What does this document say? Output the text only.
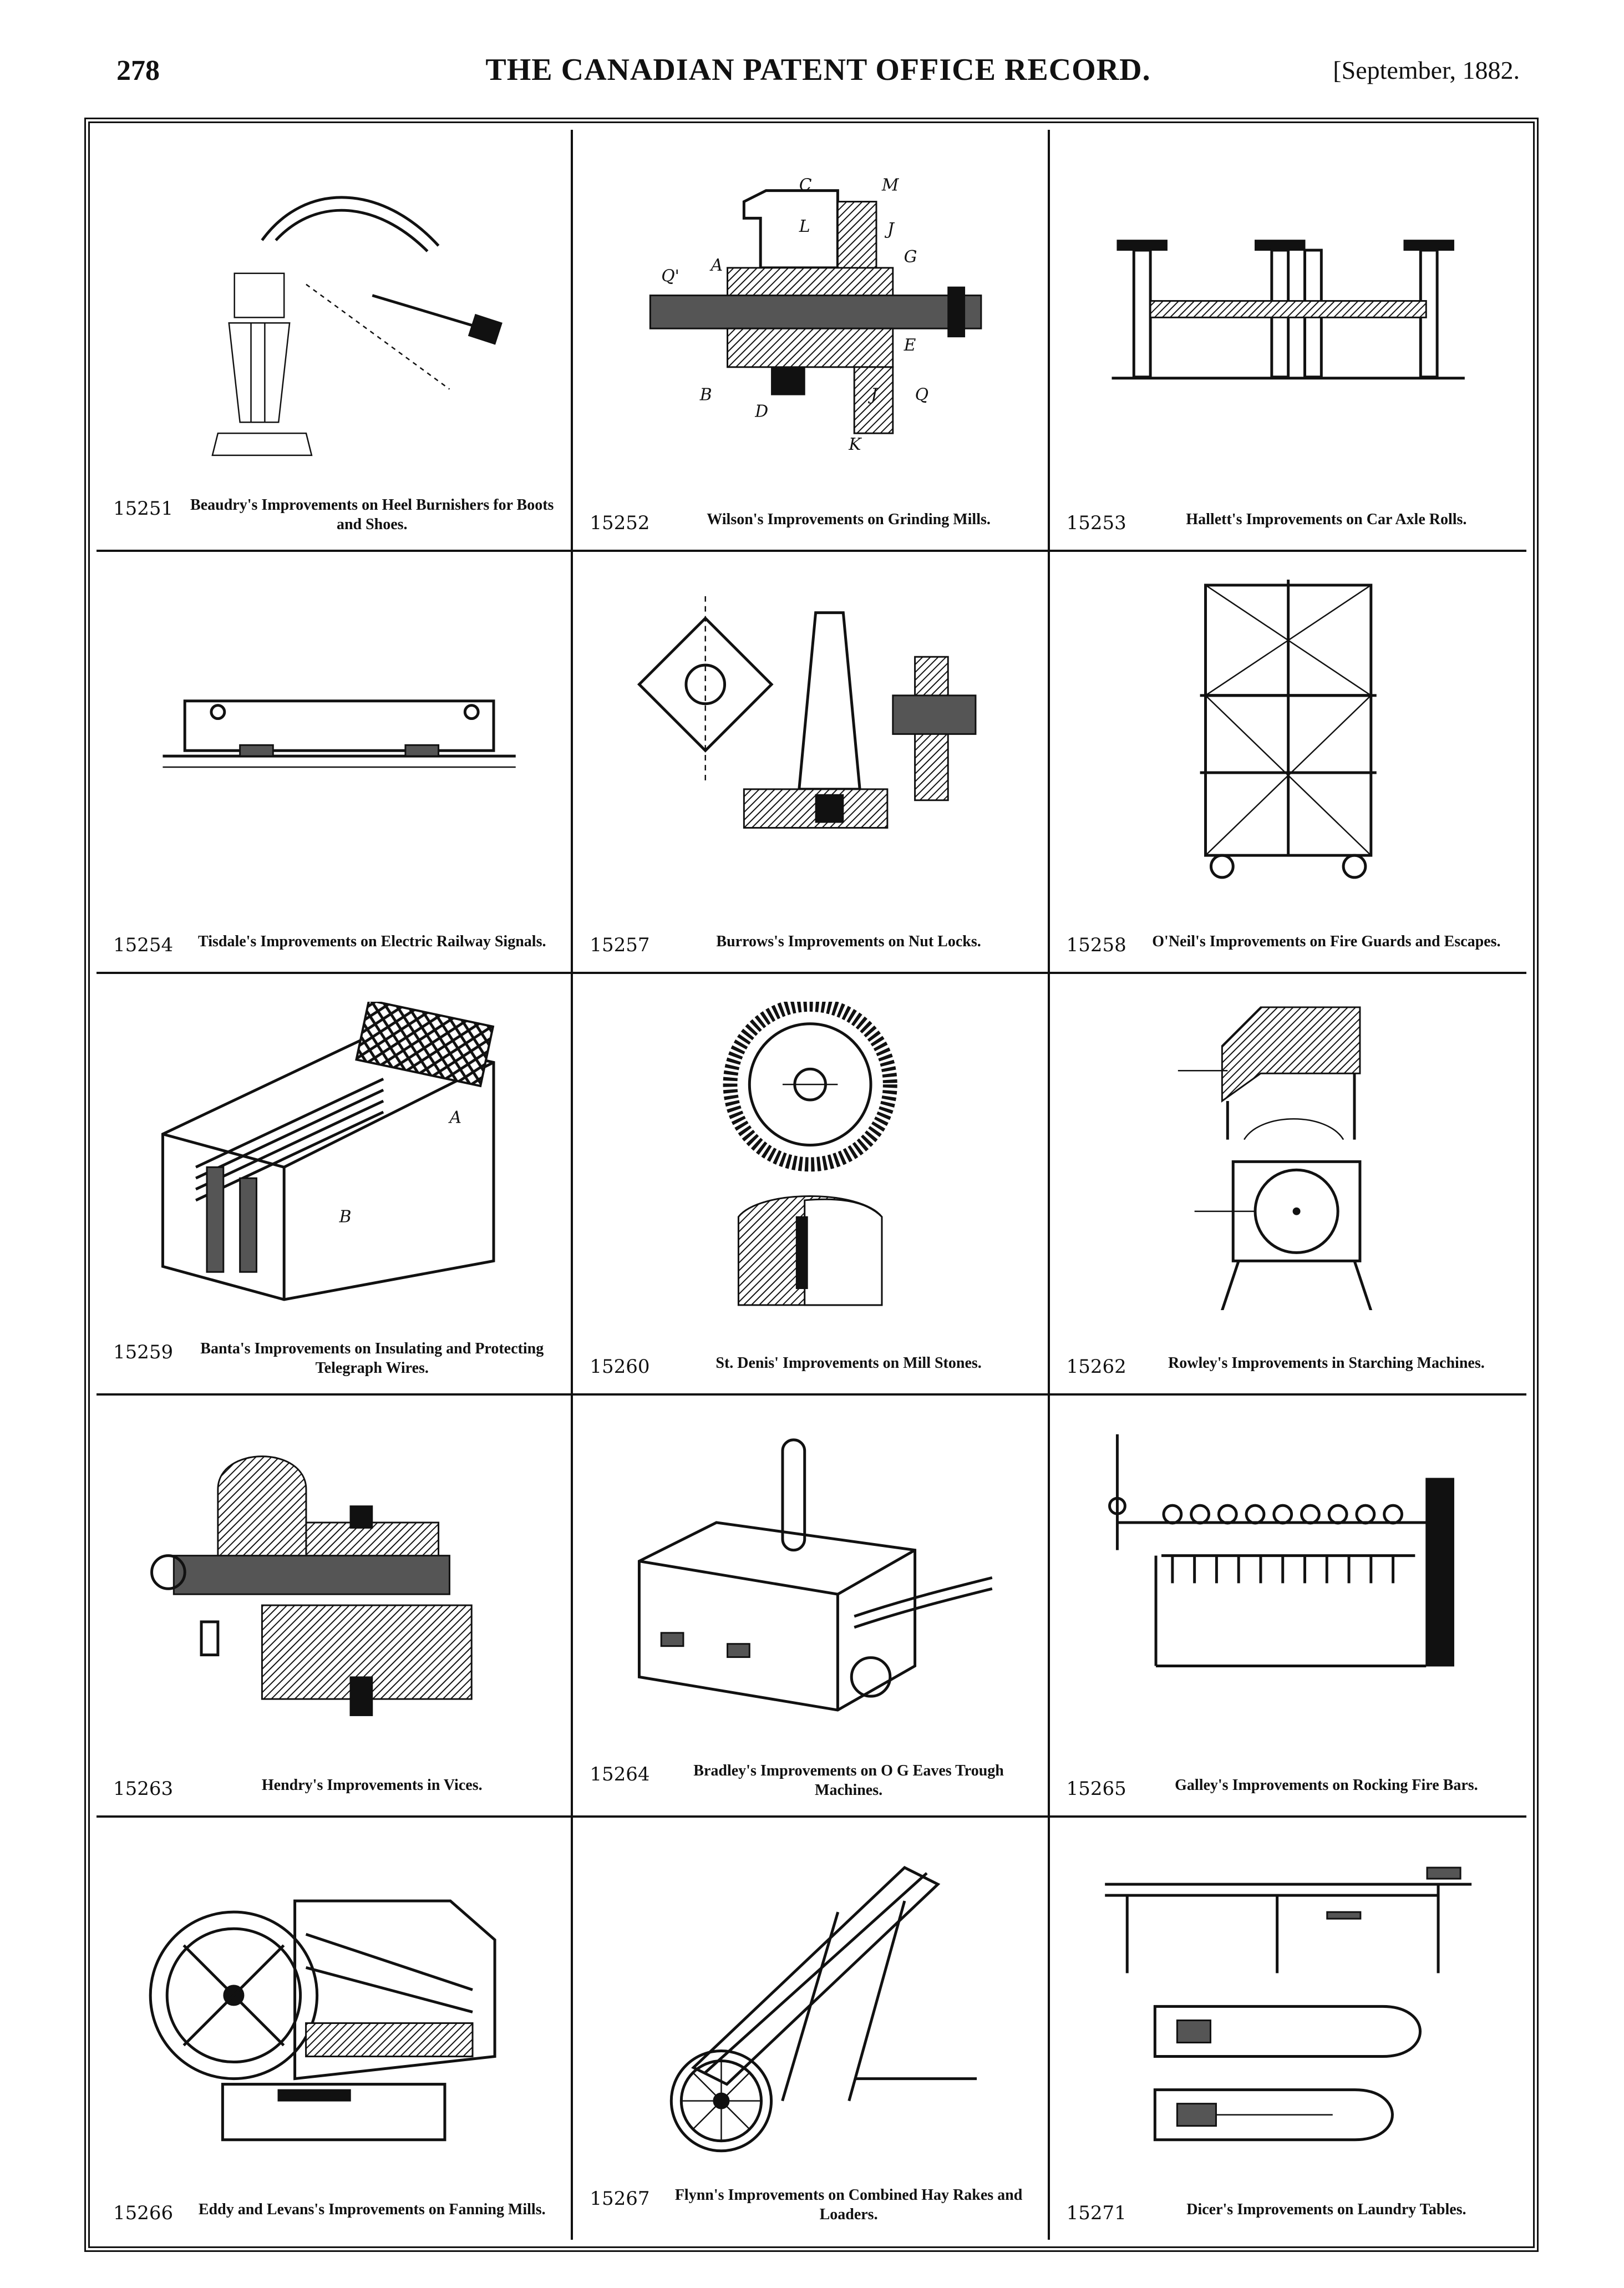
278	THE CANADIAN PATENT OFFICE RECORD.	[September, 1882.
15251 Beaudry's Improvements on Heel Burnishers for Boots and Shoes.
C	M
L	J
A	G
Q'
E
B
D
J Q
K
15252	Wilson's Improvements on Grinding Mills.	15253	Hallett's Improvements on Car Axle Rolls.
15254	Tisdale's Improvements on Electric Railway Signals.	15257	Burrows's Improvements on Nut Locks.	15258	O'Neil's Improvements on Fire Guards and Escapes.
B
A
15259	Banta's Improvements on Insulating and Protecting Telegraph Wires.	15260	St. Denis' Improvements on Mill Stones.	15262	Rowley's Improvements in Starching Machines.
15263	Hendry's Improvements in Vices.	15264	Bradley's Improvements on O G Eaves Trough Machines.	15265	Galley's Improvements on Rocking Fire Bars.
15266	Eddy and Levans's Improvements on Fanning Mills.	15267	Flynn's Improvements on Combined Hay Rakes and Loaders.	15271	Dicer's Improvements on Laundry Tables.
